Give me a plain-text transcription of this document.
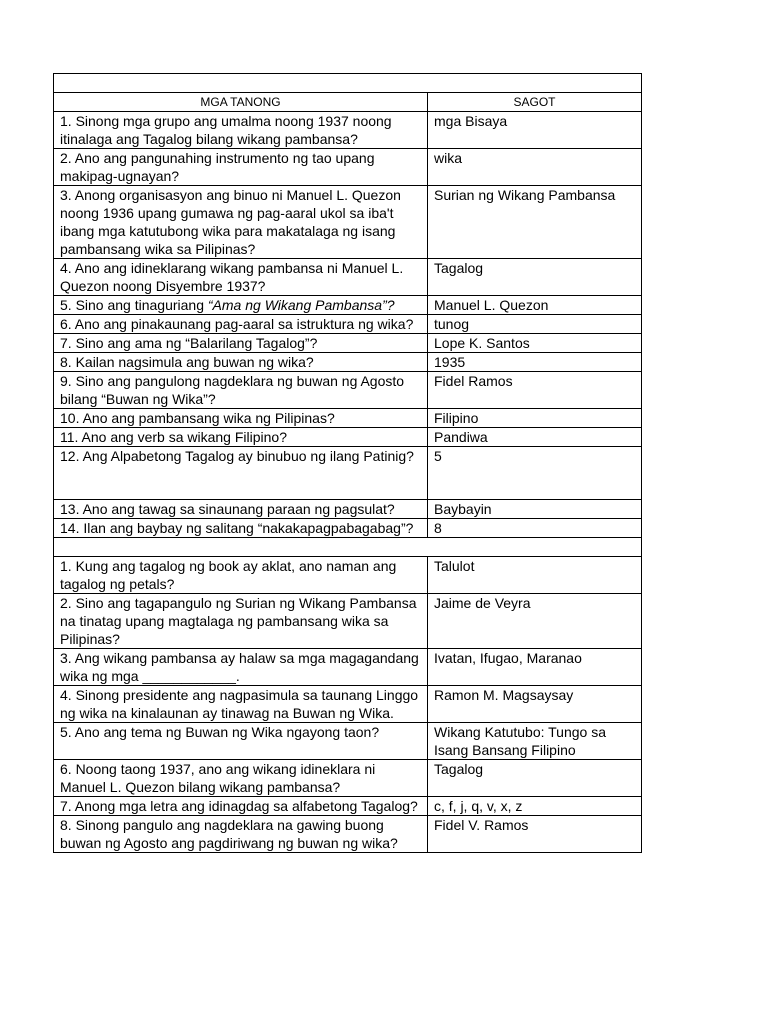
MGA TANONG	SAGOT
1. Sinong mga grupo ang umalma noong 1937 noong itinalaga ang Tagalog bilang wikang pambansa?	mga Bisaya
2. Ano ang pangunahing instrumento ng tao upang makipag-ugnayan?	wika
3. Anong organisasyon ang binuo ni Manuel L. Quezon noong 1936 upang gumawa ng pag-aaral ukol sa iba't ibang mga katutubong wika para makatalaga ng isang pambansang wika sa Pilipinas?	Surian ng Wikang Pambansa
4. Ano ang idineklarang wikang pambansa ni Manuel L. Quezon noong Disyembre 1937?	Tagalog
5. Sino ang tinaguriang “Ama ng Wikang Pambansa”?	Manuel L. Quezon
6. Ano ang pinakaunang pag-aaral sa istruktura ng wika?	tunog
7. Sino ang ama ng “Balarilang Tagalog”?	Lope K. Santos
8. Kailan nagsimula ang buwan ng wika?	1935
9. Sino ang pangulong nagdeklara ng buwan ng Agosto bilang “Buwan ng Wika”?	Fidel Ramos
10. Ano ang pambansang wika ng Pilipinas?	Filipino
11. Ano ang verb sa wikang Filipino?	Pandiwa
12. Ang Alpabetong Tagalog ay binubuo ng ilang Patinig?	5
13. Ano ang tawag sa sinaunang paraan ng pagsulat?	Baybayin
14. Ilan ang baybay ng salitang “nakakapagpabagabag”?	8

1. Kung ang tagalog ng book ay aklat, ano naman ang tagalog ng petals?	Talulot
2. Sino ang tagapangulo ng Surian ng Wikang Pambansa na tinatag upang magtalaga ng pambansang wika sa Pilipinas?	Jaime de Veyra
3. Ang wikang pambansa ay halaw sa mga magagandang wika ng mga ____________.	Ivatan, Ifugao, Maranao
4. Sinong presidente ang nagpasimula sa taunang Linggo ng wika na kinalaunan ay tinawag na Buwan ng Wika.	Ramon M. Magsaysay
5. Ano ang tema ng Buwan ng Wika ngayong taon?	Wikang Katutubo: Tungo sa Isang Bansang Filipino
6. Noong taong 1937, ano ang wikang idineklara ni Manuel L. Quezon bilang wikang pambansa?	Tagalog
7. Anong mga letra ang idinagdag sa alfabetong Tagalog?	c, f, j, q, v, x, z
8. Sinong pangulo ang nagdeklara na gawing buong buwan ng Agosto ang pagdiriwang ng buwan ng wika?	Fidel V. Ramos
